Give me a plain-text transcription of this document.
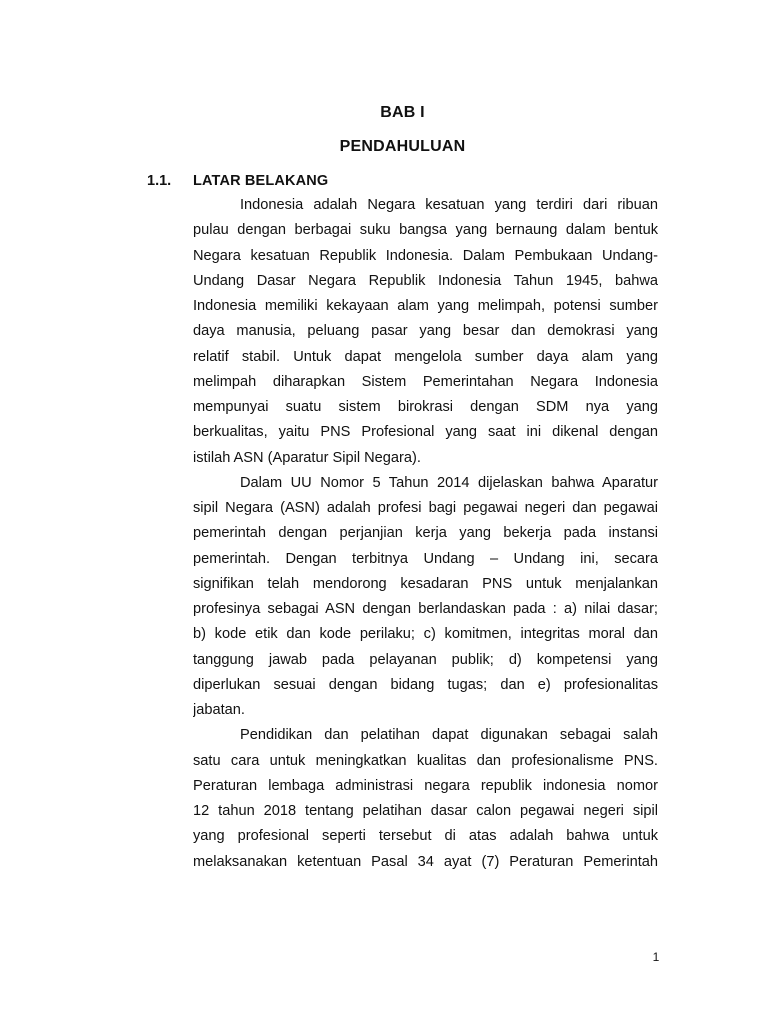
BAB I
PENDAHULUAN
1.1. LATAR BELAKANG
Indonesia adalah Negara kesatuan yang terdiri dari ribuan
pulau dengan berbagai suku bangsa yang bernaung dalam bentuk
Negara kesatuan Republik Indonesia. Dalam Pembukaan Undang-
Undang Dasar Negara Republik Indonesia Tahun 1945, bahwa
Indonesia memiliki kekayaan alam yang melimpah, potensi sumber
daya manusia, peluang pasar yang besar dan demokrasi yang
relatif stabil. Untuk dapat mengelola sumber daya alam yang
melimpah diharapkan Sistem Pemerintahan Negara Indonesia
mempunyai suatu sistem birokrasi dengan SDM nya yang
berkualitas, yaitu PNS Profesional yang saat ini dikenal dengan
istilah ASN (Aparatur Sipil Negara).
Dalam UU Nomor 5 Tahun 2014 dijelaskan bahwa Aparatur
sipil Negara (ASN) adalah profesi bagi pegawai negeri dan pegawai
pemerintah dengan perjanjian kerja yang bekerja pada instansi
pemerintah. Dengan terbitnya Undang – Undang ini, secara
signifikan telah mendorong kesadaran PNS untuk menjalankan
profesinya sebagai ASN dengan berlandaskan pada : a) nilai dasar;
b) kode etik dan kode perilaku; c) komitmen, integritas moral dan
tanggung jawab pada pelayanan publik; d) kompetensi yang
diperlukan sesuai dengan bidang tugas; dan e) profesionalitas
jabatan.
Pendidikan dan pelatihan dapat digunakan sebagai salah
satu cara untuk meningkatkan kualitas dan profesionalisme PNS.
Peraturan lembaga administrasi negara republik indonesia nomor
12 tahun 2018 tentang pelatihan dasar calon pegawai negeri sipil
yang profesional seperti tersebut di atas adalah bahwa untuk
melaksanakan ketentuan Pasal 34 ayat (7) Peraturan Pemerintah
1
